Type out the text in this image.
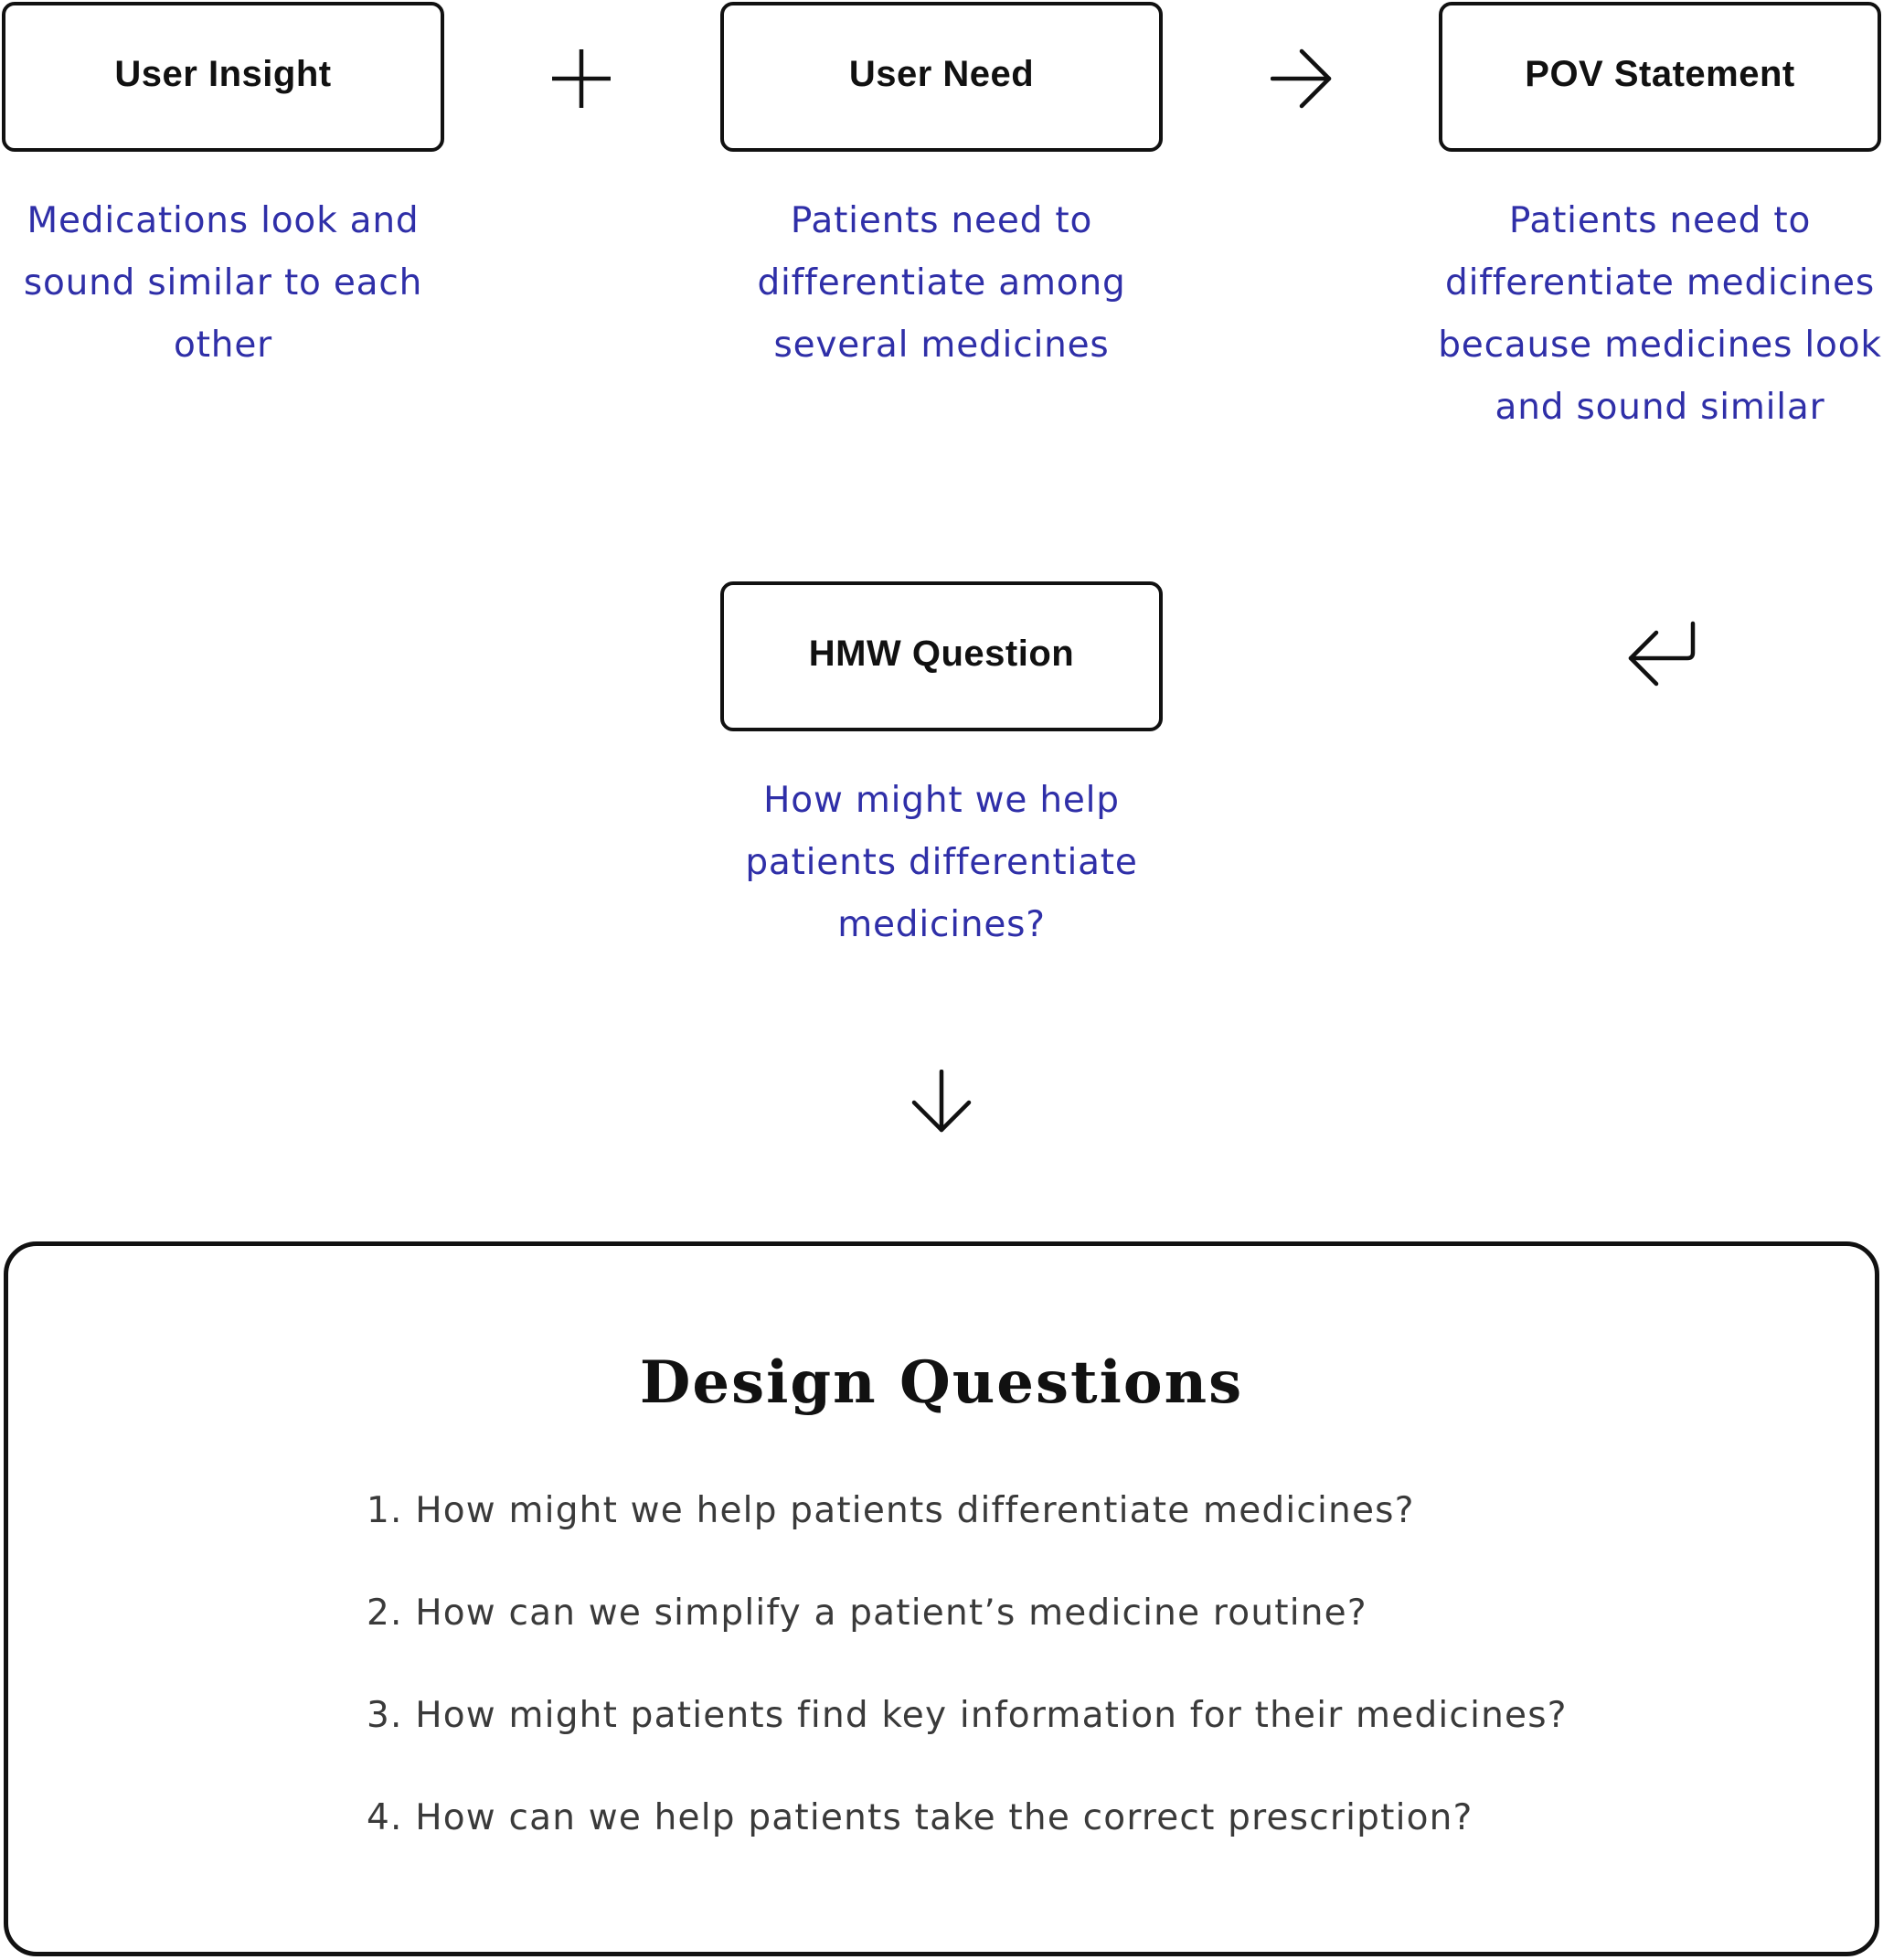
User Insight
Medications look and
sound similar to each
other
User Need
Patients need to
differentiate among
several medicines
POV Statement
Patients need to
differentiate medicines
because medicines look
and sound similar
HMW Question
How might we help
patients differentiate
medicines?
Design Questions
1. How might we help patients differentiate medicines?
2. How can we simplify a patient’s medicine routine?
3. How might patients find key information for their medicines?
4. How can we help patients take the correct prescription?
